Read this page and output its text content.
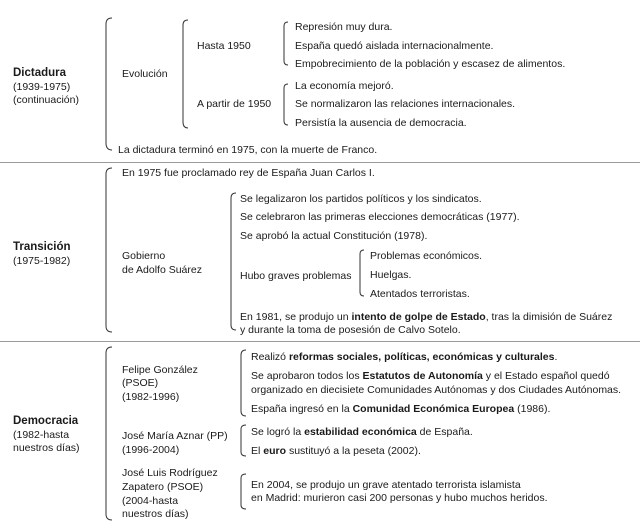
Dictadura
(1939-1975)
(continuación)
Evolución
Hasta 1950
Represión muy dura.
España quedó aislada internacionalmente.
Empobrecimiento de la población y escasez de alimentos.
A partir de 1950
La economía mejoró.
Se normalizaron las relaciones internacionales.
Persistía la ausencia de democracia.
La dictadura terminó en 1975, con la muerte de Franco.
Transición
(1975-1982)
En 1975 fue proclamado rey de España Juan Carlos I.
Gobierno
de Adolfo Suárez
Se legalizaron los partidos políticos y los sindicatos.
Se celebraron las primeras elecciones democráticas (1977).
Se aprobó la actual Constitución (1978).
Hubo graves problemas
Problemas económicos.
Huelgas.
Atentados terroristas.
En 1981, se produjo un intento de golpe de Estado, tras la dimisión de Suárez
y durante la toma de posesión de Calvo Sotelo.
Democracia
(1982-hasta
nuestros días)
Felipe González
(PSOE)
(1982-1996)
Realizó reformas sociales, políticas, económicas y culturales.
Se aprobaron todos los Estatutos de Autonomía y el Estado español quedó
organizado en diecisiete Comunidades Autónomas y dos Ciudades Autónomas.
España ingresó en la Comunidad Económica Europea (1986).
José María Aznar (PP)
(1996-2004)
Se logró la estabilidad económica de España.
El euro sustituyó a la peseta (2002).
José Luis Rodríguez
Zapatero (PSOE)
(2004-hasta
nuestros días)
En 2004, se produjo un grave atentado terrorista islamista
en Madrid: murieron casi 200 personas y hubo muchos heridos.
